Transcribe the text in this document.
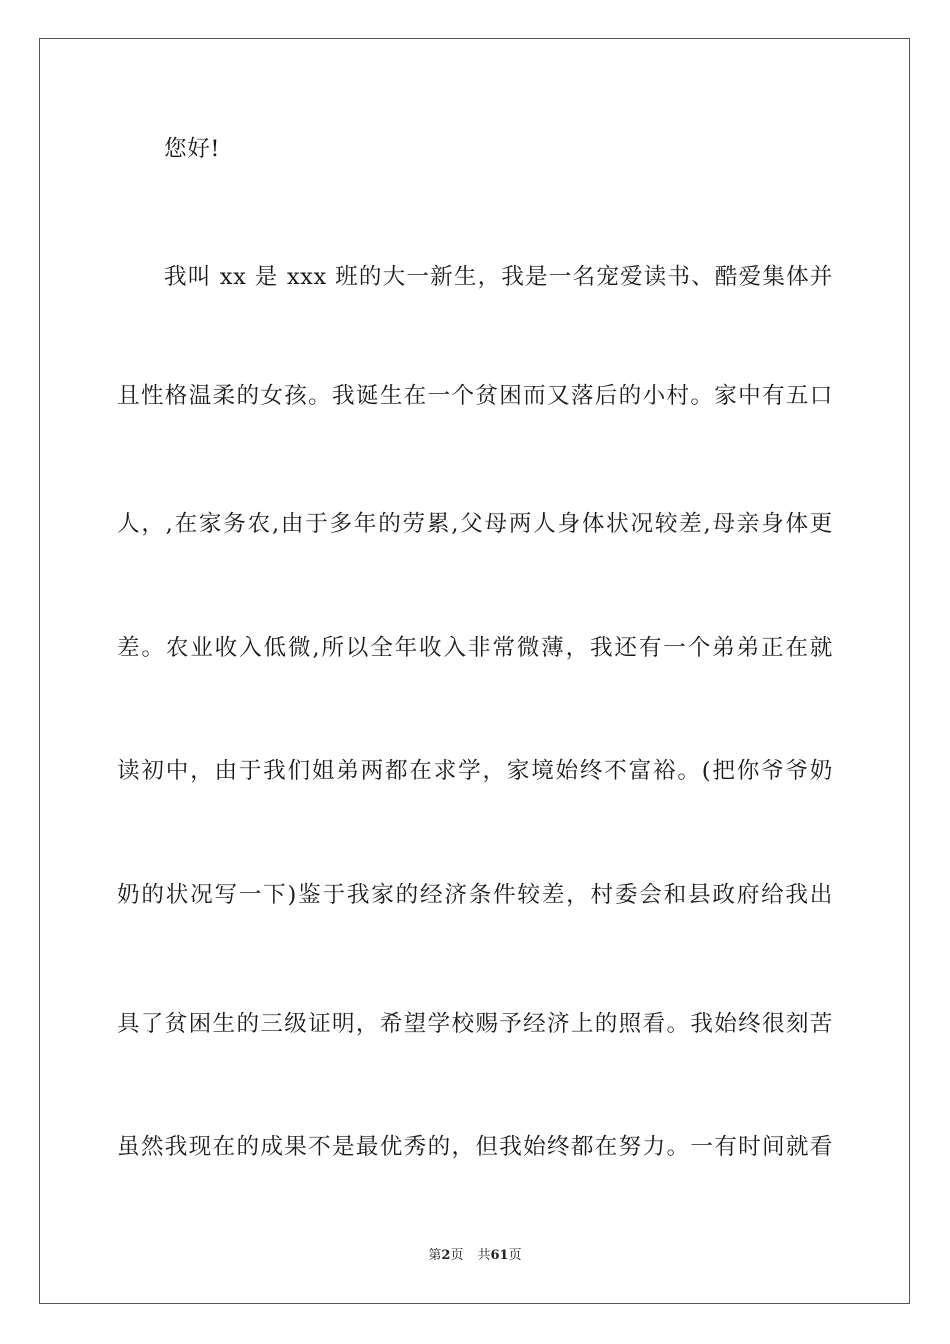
您好!
我叫 xx 是 xxx 班的大一新生，我是一名宠爱读书、酷爱集体并
且性格温柔的女孩。我诞生在一个贫困而又落后的小村。家中有五口
人，,在家务农,由于多年的劳累,父母两人身体状况较差,母亲身体更
差。农业收入低微,所以全年收入非常微薄，我还有一个弟弟正在就
读初中，由于我们姐弟两都在求学，家境始终不富裕。(把你爷爷奶
奶的状况写一下)鉴于我家的经济条件较差，村委会和县政府给我出
具了贫困生的三级证明，希望学校赐予经济上的照看。我始终很刻苦
虽然我现在的成果不是最优秀的，但我始终都在努力。一有时间就看
第2页 共61页
